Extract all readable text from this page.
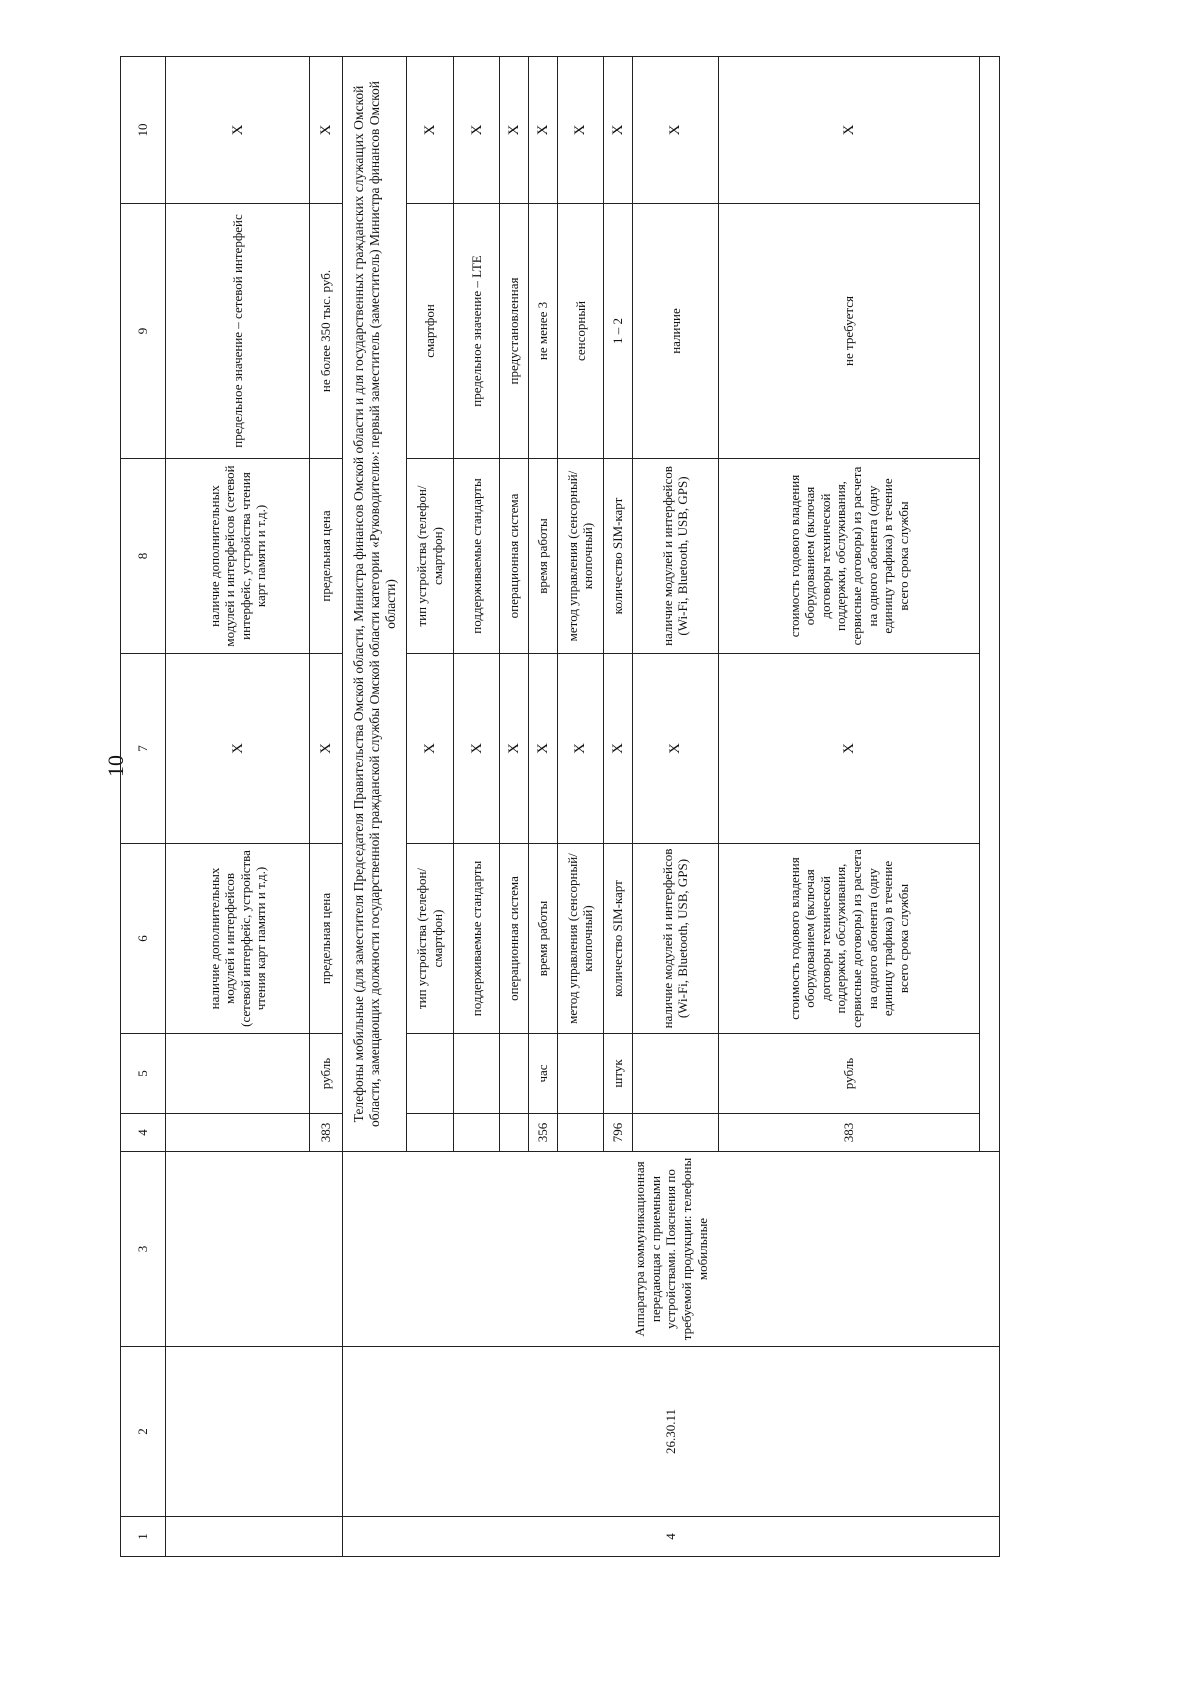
10
1	2	3	4	5	6	7	8	9	10
					наличие дополнительных модулей и интерфейсов (сетевой интерфейс, устройства чтения карт памяти и т.д.)	Х	наличие дополнительных модулей и интерфейсов (сетевой интерфейс, устройства чтения карт памяти и т.д.)	предельное значение – сетевой интерфейс	Х
			383	рубль	предельная цена	Х	предельная цена	не более 350 тыс. руб.	Х
4	26.30.11	Аппаратура коммуникационная передающая с приемными устройствами. Пояснения по требуемой продукции: телефоны мобильные	Телефоны мобильные (для заместителя Председателя Правительства Омской области, Министра финансов Омской области и для государственных гражданских служащих Омской области, замещающих должности государственной гражданской службы Омской области категории «Руководители»: первый заместитель (заместитель) Министра финансов Омской области)						
					тип устройства (телефон/смартфон)	Х	тип устройства (телефон/смартфон)	смартфон	Х
					поддерживаемые стандарты	Х	поддерживаемые стандарты	предельное значение – LTE	Х
					операционная система	Х	операционная система	предустановленная	Х
			356	час	время работы	Х	время работы	не менее 3	Х
					метод управления (сенсорный/кнопочный)	Х	метод управления (сенсорный/кнопочный)	сенсорный	Х
			796	штук	количество SIM-карт	Х	количество SIM-карт	1 – 2	Х
					наличие модулей и интерфейсов (Wi-Fi, Bluetooth, USB, GPS)	Х	наличие модулей и интерфейсов (Wi-Fi, Bluetooth, USB, GPS)	наличие	Х
			383	рубль	стоимость годового владения оборудованием (включая договоры технической поддержки, обслуживания, сервисные договоры) из расчета на одного абонента (одну единицу трафика) в течение всего срока службы	Х	стоимость годового владения оборудованием (включая договоры технической поддержки, обслуживания, сервисные договоры) из расчета на одного абонента (одну единицу трафика) в течение всего срока службы	не требуется	Х
